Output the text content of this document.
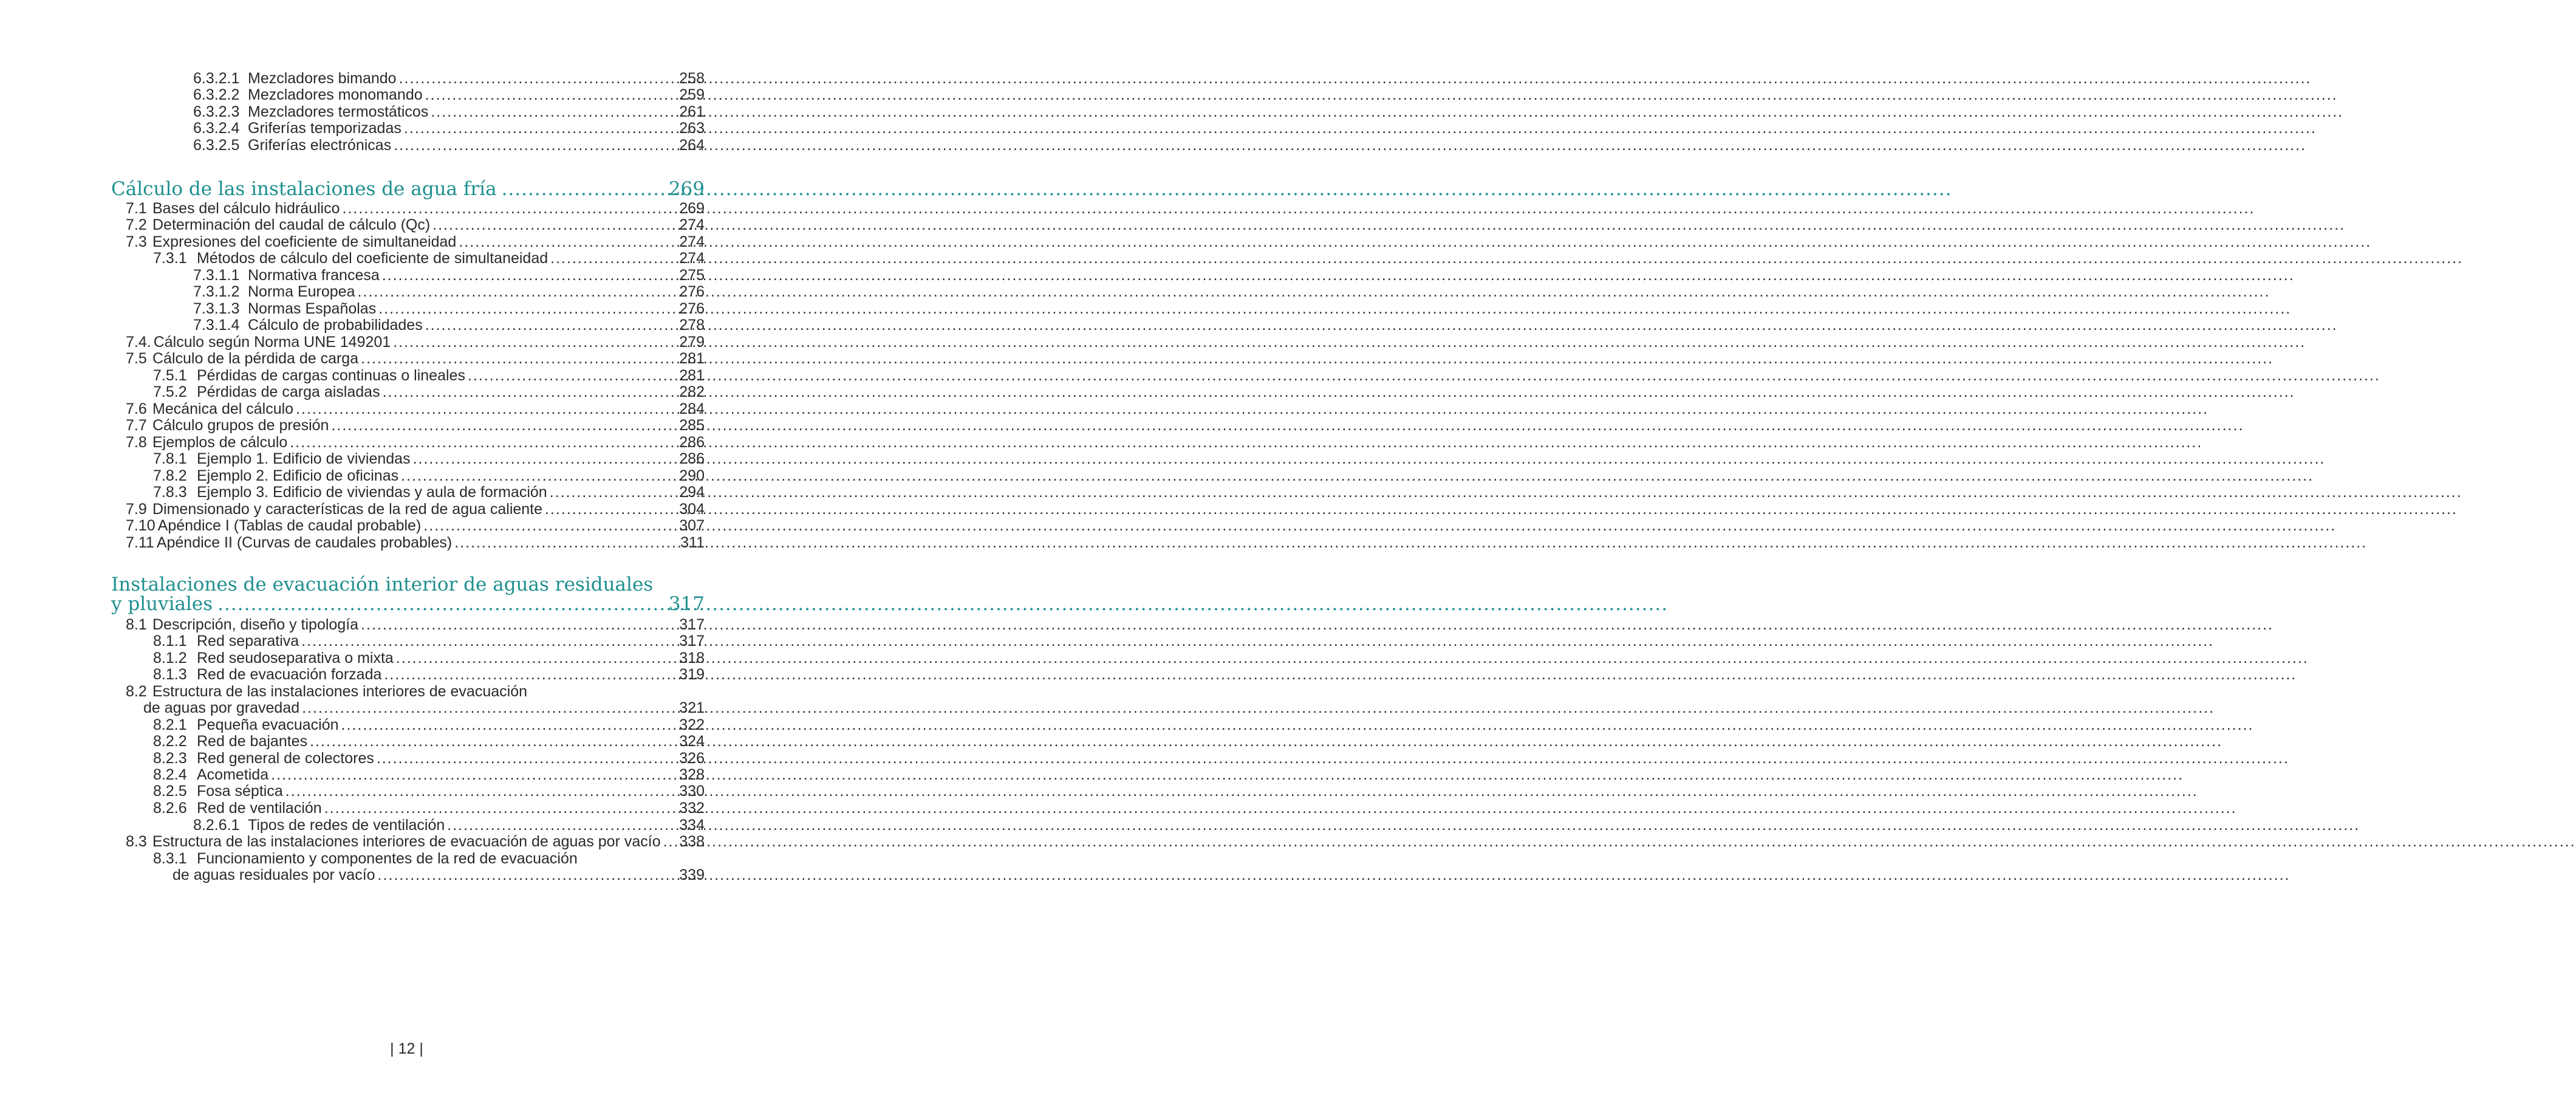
6.3.2.1 Mezcladores bimando .....	258
6.3.2.2 Mezcladores monomando .....	259
6.3.2.3 Mezcladores termostáticos .....	261
6.3.2.4 Griferías temporizadas .....	263
6.3.2.5 Griferías electrónicas .....	264
Cálculo de las instalaciones de agua fría .....	269
7.1 Bases del cálculo hidráulico .....	269
7.2 Determinación del caudal de cálculo (Qc) .....	274
7.3 Expresiones del coeficiente de simultaneidad .....	274
7.3.1 Métodos de cálculo del coeficiente de simultaneidad .....	274
7.3.1.1 Normativa francesa .....	275
7.3.1.2 Norma Europea .....	276
7.3.1.3 Normas Españolas .....	276
7.3.1.4 Cálculo de probabilidades .....	278
7.4. Cálculo según Norma UNE 149201 .....	279
7.5 Cálculo de la pérdida de carga .....	281
7.5.1 Pérdidas de cargas continuas o lineales .....	281
7.5.2 Pérdidas de carga aisladas .....	282
7.6 Mecánica del cálculo .....	284
7.7 Cálculo grupos de presión .....	285
7.8 Ejemplos de cálculo .....	286
7.8.1 Ejemplo 1. Edificio de viviendas .....	286
7.8.2 Ejemplo 2. Edificio de oficinas .....	290
7.8.3 Ejemplo 3. Edificio de viviendas y aula de formación .....	294
7.9 Dimensionado y características de la red de agua caliente .....	304
7.10 Apéndice I (Tablas de caudal probable) .....	307
7.11 Apéndice II (Curvas de caudales probables) .....	311
Instalaciones de evacuación interior de aguas residuales
y pluviales .....	317
8.1 Descripción, diseño y tipología .....	317
8.1.1 Red separativa .....	317
8.1.2 Red seudoseparativa o mixta .....	318
8.1.3 Red de evacuación forzada .....	319
8.2 Estructura de las instalaciones interiores de evacuación
de aguas por gravedad .....	321
8.2.1 Pequeña evacuación .....	322
8.2.2 Red de bajantes .....	324
8.2.3 Red general de colectores .....	326
8.2.4 Acometida .....	328
8.2.5 Fosa séptica .....	330
8.2.6 Red de ventilación .....	332
8.2.6.1 Tipos de redes de ventilación .....	334
8.3 Estructura de las instalaciones interiores de evacuación de aguas por vacío ..... 338
8.3.1 Funcionamiento y componentes de la red de evacuación
de aguas residuales por vacío .....	339
| 12 |
